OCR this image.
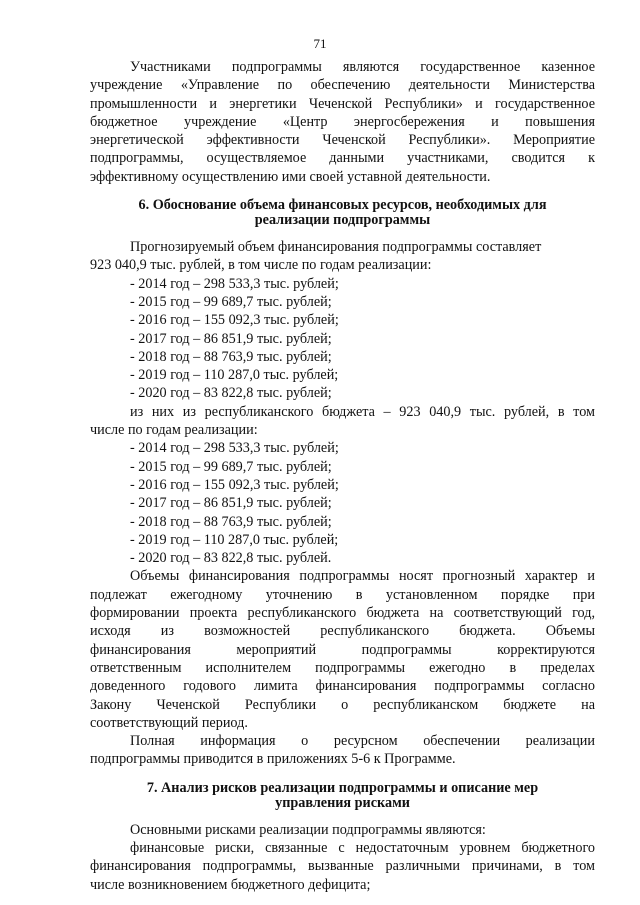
71

Участниками подпрограммы являются государственное казенное
учреждение «Управление по обеспечению деятельности Министерства
промышленности и энергетики Чеченской Республики» и государственное
бюджетное учреждение «Центр энергосбережения и повышения
энергетической эффективности Чеченской Республики». Мероприятие
подпрограммы, осуществляемое данными участниками, сводится к
эффективному осуществлению ими своей уставной деятельности.

6. Обоснование объема финансовых ресурсов, необходимых для
реализации подпрограммы
Прогнозируемый объем финансирования подпрограммы составляет
923 040,9 тыс. рублей, в том числе по годам реализации:
- 2014 год – 298 533,3 тыс. рублей;
- 2015 год – 99 689,7 тыс. рублей;
- 2016 год – 155 092,3 тыс. рублей;
- 2017 год – 86 851,9 тыс. рублей;
- 2018 год – 88 763,9 тыс. рублей;
- 2019 год – 110 287,0 тыс. рублей;
- 2020 год – 83 822,8 тыс. рублей;
из них из республиканского бюджета – 923 040,9 тыс. рублей, в том
числе по годам реализации:
- 2014 год – 298 533,3 тыс. рублей;
- 2015 год – 99 689,7 тыс. рублей;
- 2016 год – 155 092,3 тыс. рублей;
- 2017 год – 86 851,9 тыс. рублей;
- 2018 год – 88 763,9 тыс. рублей;
- 2019 год – 110 287,0 тыс. рублей;
- 2020 год – 83 822,8 тыс. рублей.
Объемы финансирования подпрограммы носят прогнозный характер и
подлежат ежегодному уточнению в установленном порядке при
формировании проекта республиканского бюджета на соответствующий год,
исходя из возможностей республиканского бюджета. Объемы
финансирования мероприятий подпрограммы корректируются
ответственным исполнителем подпрограммы ежегодно в пределах
доведенного годового лимита финансирования подпрограммы согласно
Закону Чеченской Республики о республиканском бюджете на
соответствующий период.
Полная информация о ресурсном обеспечении реализации
подпрограммы приводится в приложениях 5-6 к Программе.
7. Анализ рисков реализации подпрограммы и описание мер
управления рисками
Основными рисками реализации подпрограммы являются:
финансовые риски, связанные с недостаточным уровнем бюджетного
финансирования подпрограммы, вызванные различными причинами, в том
числе возникновением бюджетного дефицита;
